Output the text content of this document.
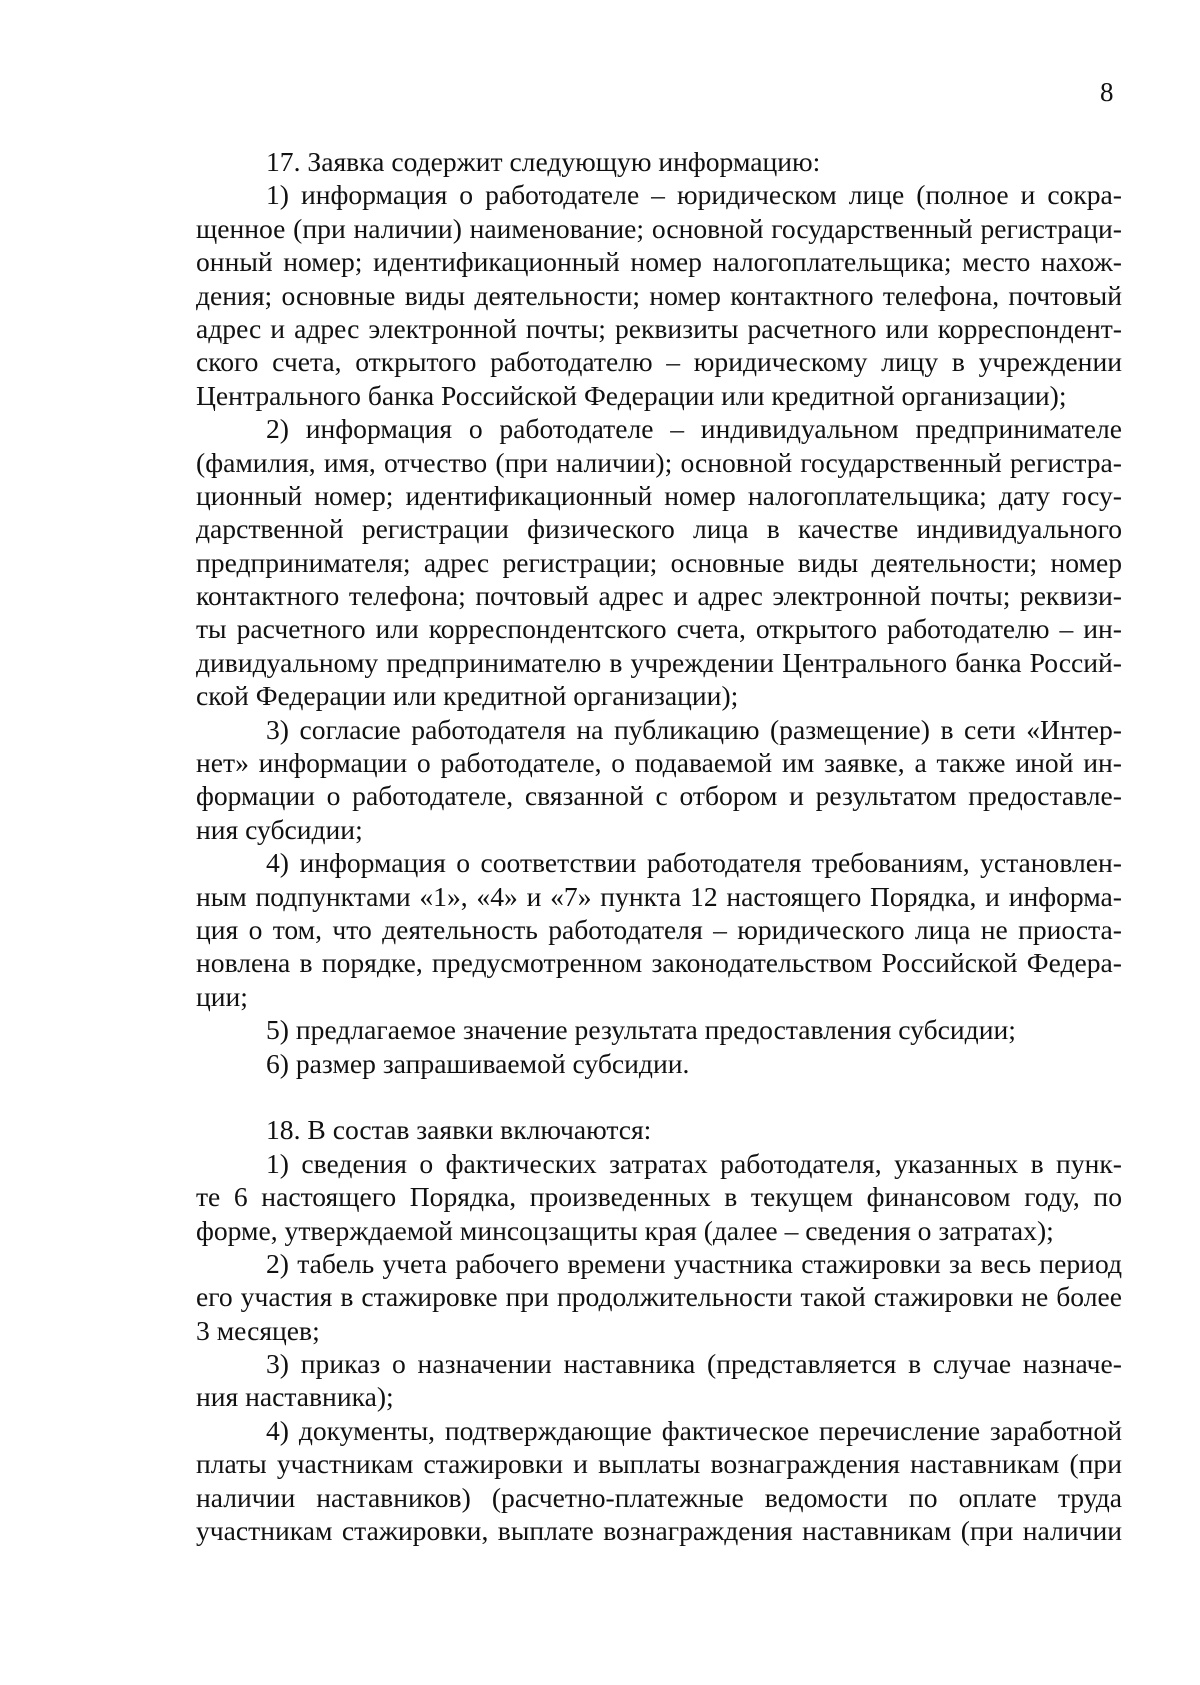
8
17. Заявка содержит следующую информацию:
1) информация о работодателе – юридическом лице (полное и сокра-
щенное (при наличии) наименование; основной государственный регистраци-
онный номер; идентификационный номер налогоплательщика; место нахож-
дения; основные виды деятельности; номер контактного телефона, почтовый
адрес и адрес электронной почты; реквизиты расчетного или корреспондент-
ского счета, открытого работодателю – юридическому лицу в учреждении
Центрального банка Российской Федерации или кредитной организации);
2) информация о работодателе – индивидуальном предпринимателе
(фамилия, имя, отчество (при наличии); основной государственный регистра-
ционный номер; идентификационный номер налогоплательщика; дату госу-
дарственной регистрации физического лица в качестве индивидуального
предпринимателя; адрес регистрации; основные виды деятельности; номер
контактного телефона; почтовый адрес и адрес электронной почты; реквизи-
ты расчетного или корреспондентского счета, открытого работодателю – ин-
дивидуальному предпринимателю в учреждении Центрального банка Россий-
ской Федерации или кредитной организации);
3) согласие работодателя на публикацию (размещение) в сети «Интер-
нет» информации о работодателе, о подаваемой им заявке, а также иной ин-
формации о работодателе, связанной с отбором и результатом предоставле-
ния субсидии;
4) информация о соответствии работодателя требованиям, установлен-
ным подпунктами «1», «4» и «7» пункта 12 настоящего Порядка, и информа-
ция о том, что деятельность работодателя – юридического лица не приоста-
новлена в порядке, предусмотренном законодательством Российской Федера-
ции;
5) предлагаемое значение результата предоставления субсидии;
6) размер запрашиваемой субсидии.
18. В состав заявки включаются:
1) сведения о фактических затратах работодателя, указанных в пунк-
те 6 настоящего Порядка, произведенных в текущем финансовом году, по
форме, утверждаемой минсоцзащиты края (далее – сведения о затратах);
2) табель учета рабочего времени участника стажировки за весь период
его участия в стажировке при продолжительности такой стажировки не более
3 месяцев;
3) приказ о назначении наставника (представляется в случае назначе-
ния наставника);
4) документы, подтверждающие фактическое перечисление заработной
платы участникам стажировки и выплаты вознаграждения наставникам (при
наличии наставников) (расчетно-платежные ведомости по оплате труда
участникам стажировки, выплате вознаграждения наставникам (при наличии
